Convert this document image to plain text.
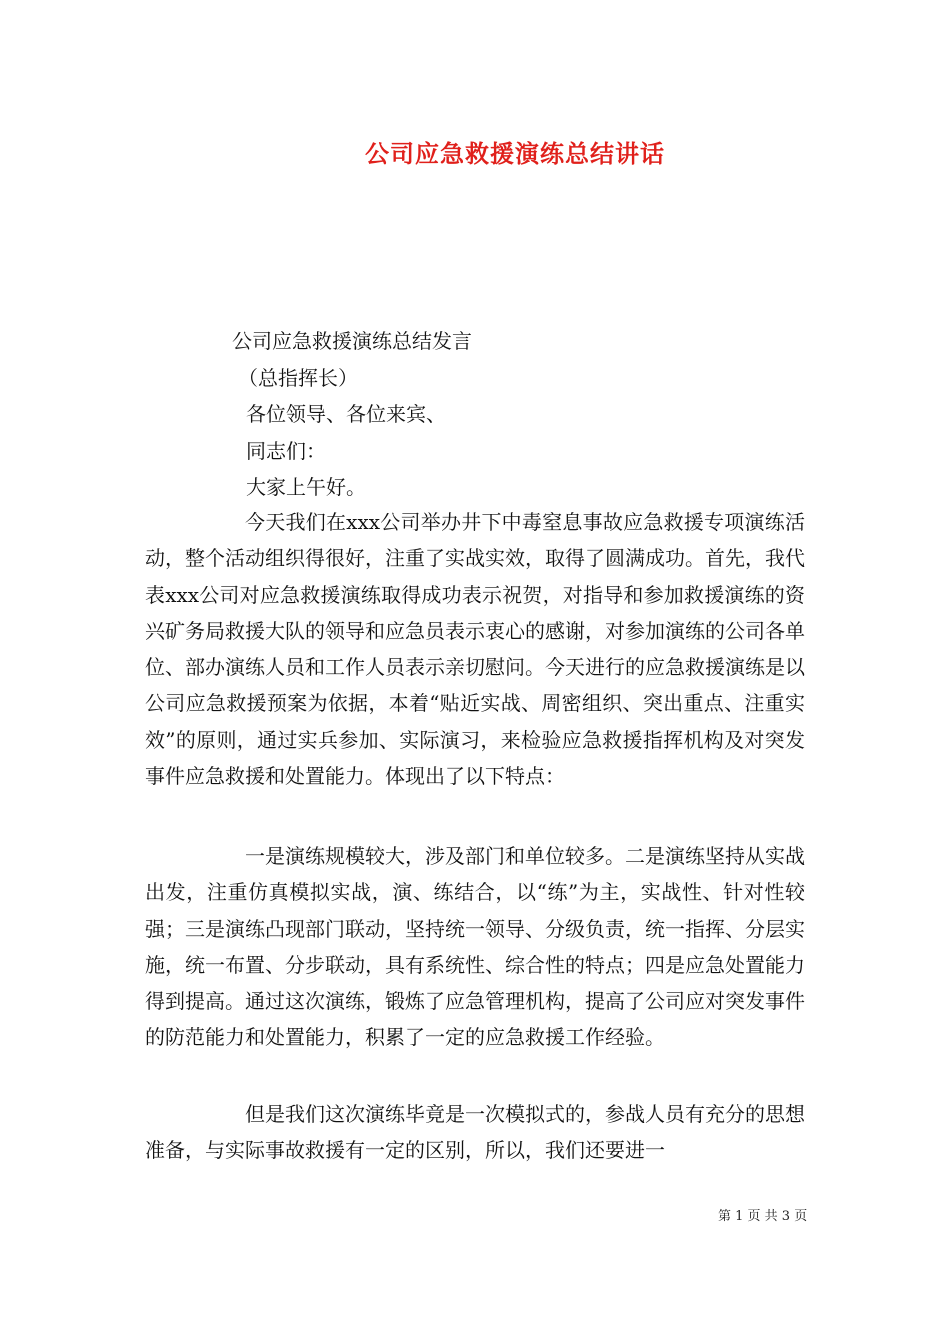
公司应急救援演练总结讲话
公司应急救援演练总结发言
（总指挥长）
各位领导、各位来宾、
同志们：
大家上午好。
今天我们在xxx公司举办井下中毒窒息事故应急救援专项演练活动，整个活动组织得很好，注重了实战实效，取得了圆满成功。首先，我代表xxx公司对应急救援演练取得成功表示祝贺，对指导和参加救援演练的资兴矿务局救援大队的领导和应急员表示衷心的感谢，对参加演练的公司各单位、部办演练人员和工作人员表示亲切慰问。今天进行的应急救援演练是以公司应急救援预案为依据，本着“贴近实战、周密组织、突出重点、注重实效”的原则，通过实兵参加、实际演习，来检验应急救援指挥机构及对突发事件应急救援和处置能力。体现出了以下特点：
一是演练规模较大，涉及部门和单位较多。二是演练坚持从实战出发，注重仿真模拟实战，演、练结合，以“练”为主，实战性、针对性较强；三是演练凸现部门联动，坚持统一领导、分级负责，统一指挥、分层实施，统一布置、分步联动，具有系统性、综合性的特点；四是应急处置能力得到提高。通过这次演练，锻炼了应急管理机构，提高了公司应对突发事件的防范能力和处置能力，积累了一定的应急救援工作经验。
但是我们这次演练毕竟是一次模拟式的，参战人员有充分的思想准备，与实际事故救援有一定的区别，所以，我们还要进一
第 1 页 共 3 页
